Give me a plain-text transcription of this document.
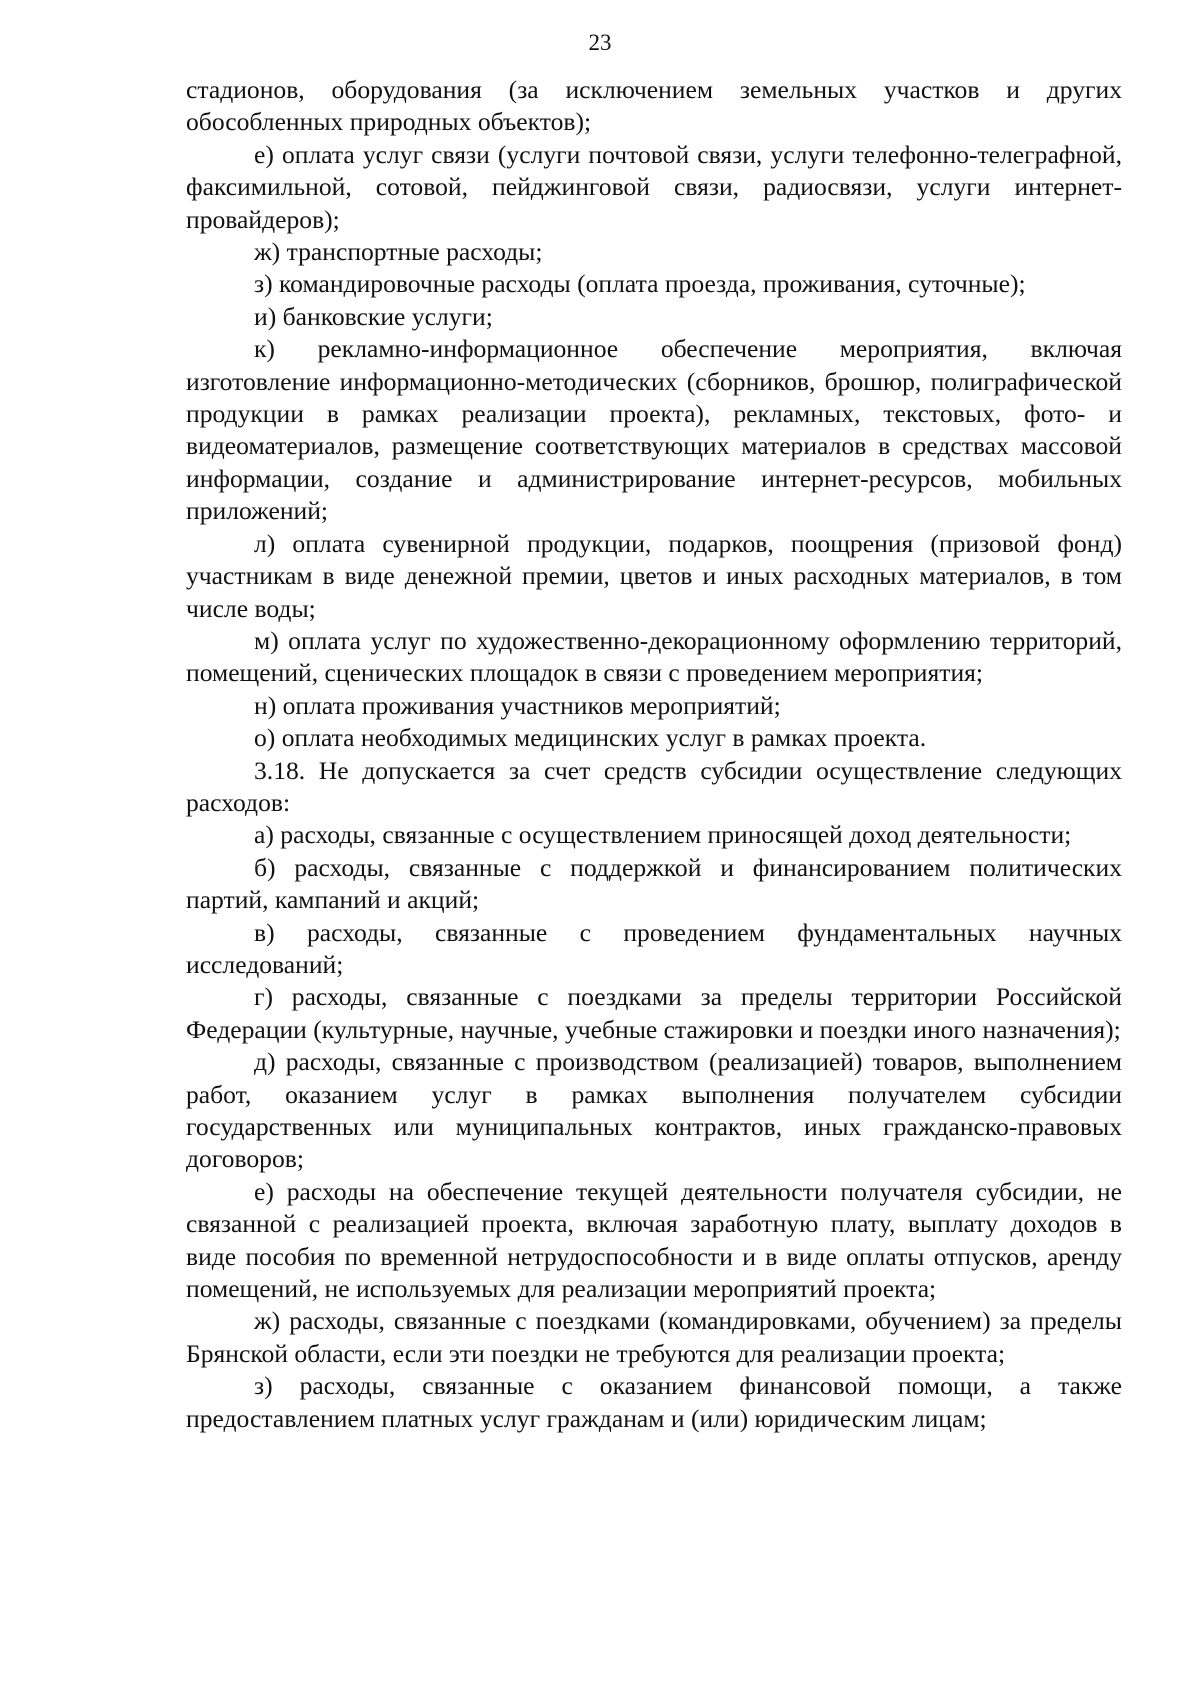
23

стадионов, оборудования (за исключением земельных участков и других обособленных природных объектов);

е) оплата услуг связи (услуги почтовой связи, услуги телефонно-телеграфной, факсимильной, сотовой, пейджинговой связи, радиосвязи, услуги интернет-провайдеров);

ж) транспортные расходы;

з) командировочные расходы (оплата проезда, проживания, суточные);

и) банковские услуги;

к) рекламно-информационное обеспечение мероприятия, включая изготовление информационно-методических (сборников, брошюр, полиграфической продукции в рамках реализации проекта), рекламных, текстовых, фото- и видеоматериалов, размещение соответствующих материалов в средствах массовой информации, создание и администрирование интернет-ресурсов, мобильных приложений;

л) оплата сувенирной продукции, подарков, поощрения (призовой фонд) участникам в виде денежной премии, цветов и иных расходных материалов, в том числе воды;

м) оплата услуг по художественно-декорационному оформлению территорий, помещений, сценических площадок в связи с проведением мероприятия;

н) оплата проживания участников мероприятий;

о) оплата необходимых медицинских услуг в рамках проекта.

3.18. Не допускается за счет средств субсидии осуществление следующих расходов:

а) расходы, связанные с осуществлением приносящей доход деятельности;

б) расходы, связанные с поддержкой и финансированием политических партий, кампаний и акций;

в) расходы, связанные с проведением фундаментальных научных исследований;

г) расходы, связанные с поездками за пределы территории Российской Федерации (культурные, научные, учебные стажировки и поездки иного назначения);

д) расходы, связанные с производством (реализацией) товаров, выполнением работ, оказанием услуг в рамках выполнения получателем субсидии государственных или муниципальных контрактов, иных гражданско-правовых договоров;

е) расходы на обеспечение текущей деятельности получателя субсидии, не связанной с реализацией проекта, включая заработную плату, выплату доходов в виде пособия по временной нетрудоспособности и в виде оплаты отпусков, аренду помещений, не используемых для реализации мероприятий проекта;

ж) расходы, связанные с поездками (командировками, обучением) за пределы Брянской области, если эти поездки не требуются для реализации проекта;

з) расходы, связанные с оказанием финансовой помощи, а также предоставлением платных услуг гражданам и (или) юридическим лицам;
